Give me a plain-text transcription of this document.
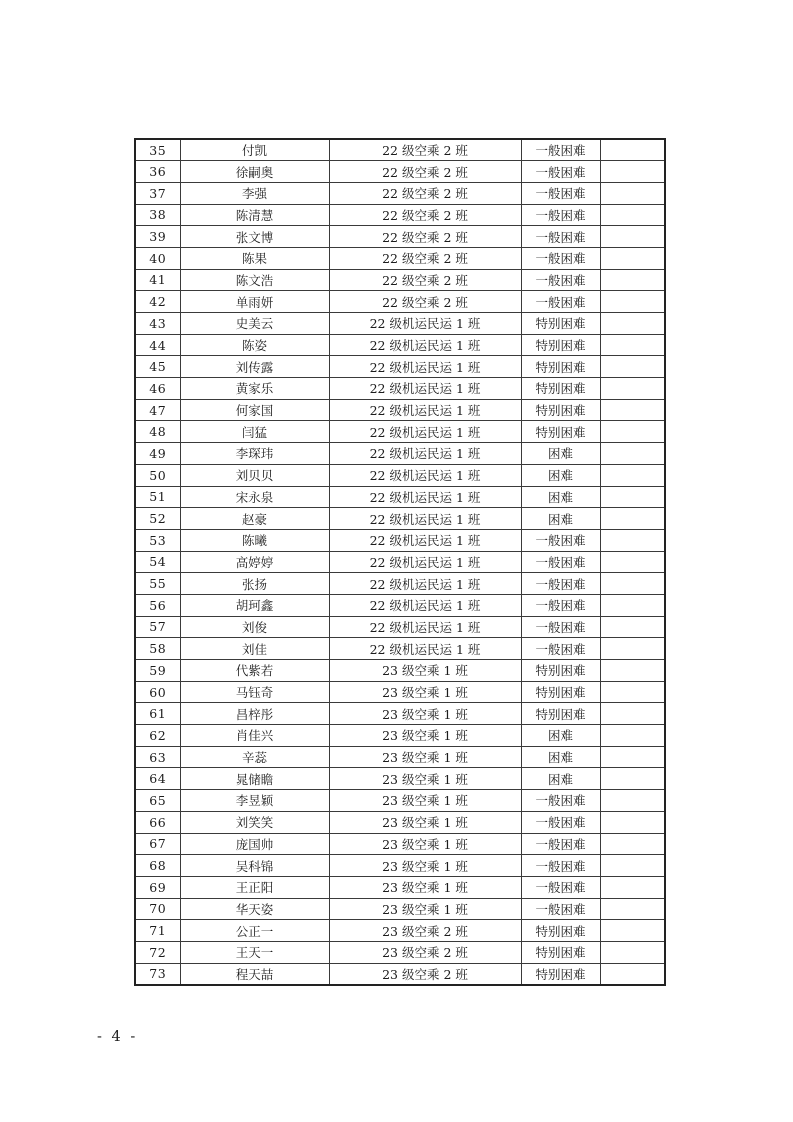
35	付凯	22 级空乘 2 班	一般困难	
36	徐嗣奥	22 级空乘 2 班	一般困难	
37	李强	22 级空乘 2 班	一般困难	
38	陈清慧	22 级空乘 2 班	一般困难	
39	张文博	22 级空乘 2 班	一般困难	
40	陈果	22 级空乘 2 班	一般困难	
41	陈文浩	22 级空乘 2 班	一般困难	
42	单雨妍	22 级空乘 2 班	一般困难	
43	史美云	22 级机运民运 1 班	特别困难	
44	陈姿	22 级机运民运 1 班	特别困难	
45	刘传露	22 级机运民运 1 班	特别困难	
46	黄家乐	22 级机运民运 1 班	特别困难	
47	何家国	22 级机运民运 1 班	特别困难	
48	闫猛	22 级机运民运 1 班	特别困难	
49	李琛玮	22 级机运民运 1 班	困难	
50	刘贝贝	22 级机运民运 1 班	困难	
51	宋永泉	22 级机运民运 1 班	困难	
52	赵豪	22 级机运民运 1 班	困难	
53	陈曦	22 级机运民运 1 班	一般困难	
54	高婷婷	22 级机运民运 1 班	一般困难	
55	张扬	22 级机运民运 1 班	一般困难	
56	胡珂鑫	22 级机运民运 1 班	一般困难	
57	刘俊	22 级机运民运 1 班	一般困难	
58	刘佳	22 级机运民运 1 班	一般困难	
59	代紫若	23 级空乘 1 班	特别困难	
60	马钰奇	23 级空乘 1 班	特别困难	
61	昌梓彤	23 级空乘 1 班	特别困难	
62	肖佳兴	23 级空乘 1 班	困难	
63	辛蕊	23 级空乘 1 班	困难	
64	晁储瞻	23 级空乘 1 班	困难	
65	李昱颖	23 级空乘 1 班	一般困难	
66	刘笑笑	23 级空乘 1 班	一般困难	
67	庞国帅	23 级空乘 1 班	一般困难	
68	吴科锦	23 级空乘 1 班	一般困难	
69	王正阳	23 级空乘 1 班	一般困难	
70	华天姿	23 级空乘 1 班	一般困难	
71	公正一	23 级空乘 2 班	特别困难	
72	王天一	23 级空乘 2 班	特别困难	
73	程天喆	23 级空乘 2 班	特别困难	
- 4 -
